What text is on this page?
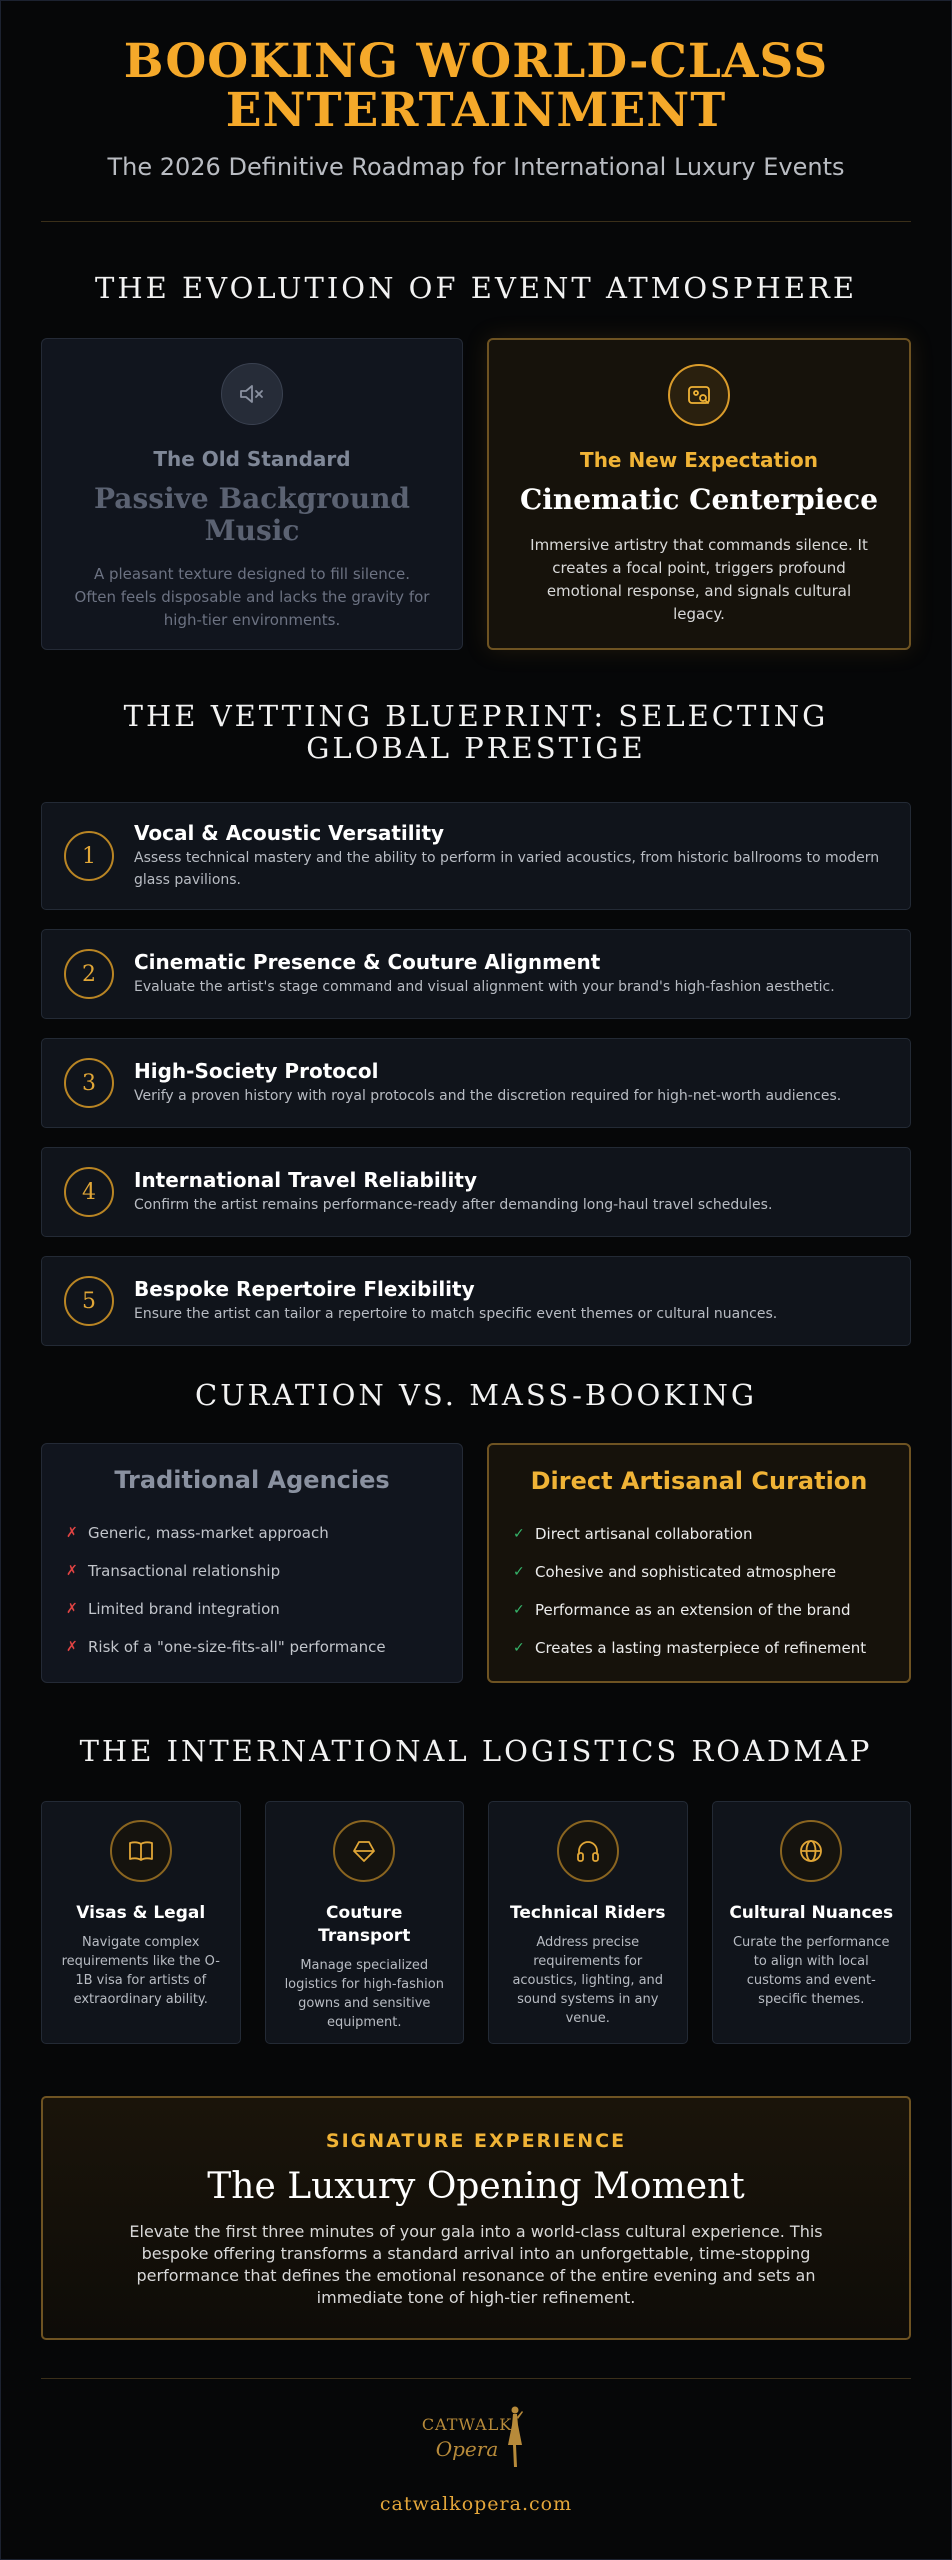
BOOKING WORLD-CLASS
ENTERTAINMENT
The 2026 Definitive Roadmap for International Luxury Events
THE EVOLUTION OF EVENT ATMOSPHERE
The Old Standard
Passive Background Music
A pleasant texture designed to fill silence. Often feels disposable and lacks the gravity for high-tier environments.
The New Expectation
Cinematic Centerpiece
Immersive artistry that commands silence. It creates a focal point, triggers profound emotional response, and signals cultural legacy.
THE VETTING BLUEPRINT: SELECTING GLOBAL PRESTIGE
1
Vocal & Acoustic Versatility
Assess technical mastery and the ability to perform in varied acoustics, from historic ballrooms to modern glass pavilions.
2	Cinematic Presence & Couture Alignment
Evaluate the artist's stage command and visual alignment with your brand's high-fashion aesthetic.
3	High-Society Protocol
Verify a proven history with royal protocols and the discretion required for high-net-worth audiences.
4	International Travel Reliability
Confirm the artist remains performance-ready after demanding long-haul travel schedules.
5	Bespoke Repertoire Flexibility
Ensure the artist can tailor a repertoire to match specific event themes or cultural nuances.
CURATION VS. MASS-BOOKING
Traditional Agencies
✗ Generic, mass-market approach
✗ Transactional relationship
✗ Limited brand integration
✗ Risk of a "one-size-fits-all" performance
Direct Artisanal Curation
✓ Direct artisanal collaboration
✓ Cohesive and sophisticated atmosphere
✓ Performance as an extension of the brand
✓ Creates a lasting masterpiece of refinement
THE INTERNATIONAL LOGISTICS ROADMAP
Visas & Legal
Navigate complex requirements like the O-1B visa for artists of extraordinary ability.
Couture Transport
Manage specialized logistics for high-fashion gowns and sensitive equipment.
Technical Riders
Address precise requirements for acoustics, lighting, and sound systems in any venue.
Cultural Nuances
Curate the performance to align with local customs and event-specific themes.
SIGNATURE EXPERIENCE
The Luxury Opening Moment
Elevate the first three minutes of your gala into a world-class cultural experience. This bespoke offering transforms a standard arrival into an unforgettable, time-stopping performance that defines the emotional resonance of the entire evening and sets an immediate tone of high-tier refinement.
CATWALK
Opera
catwalkopera.com
